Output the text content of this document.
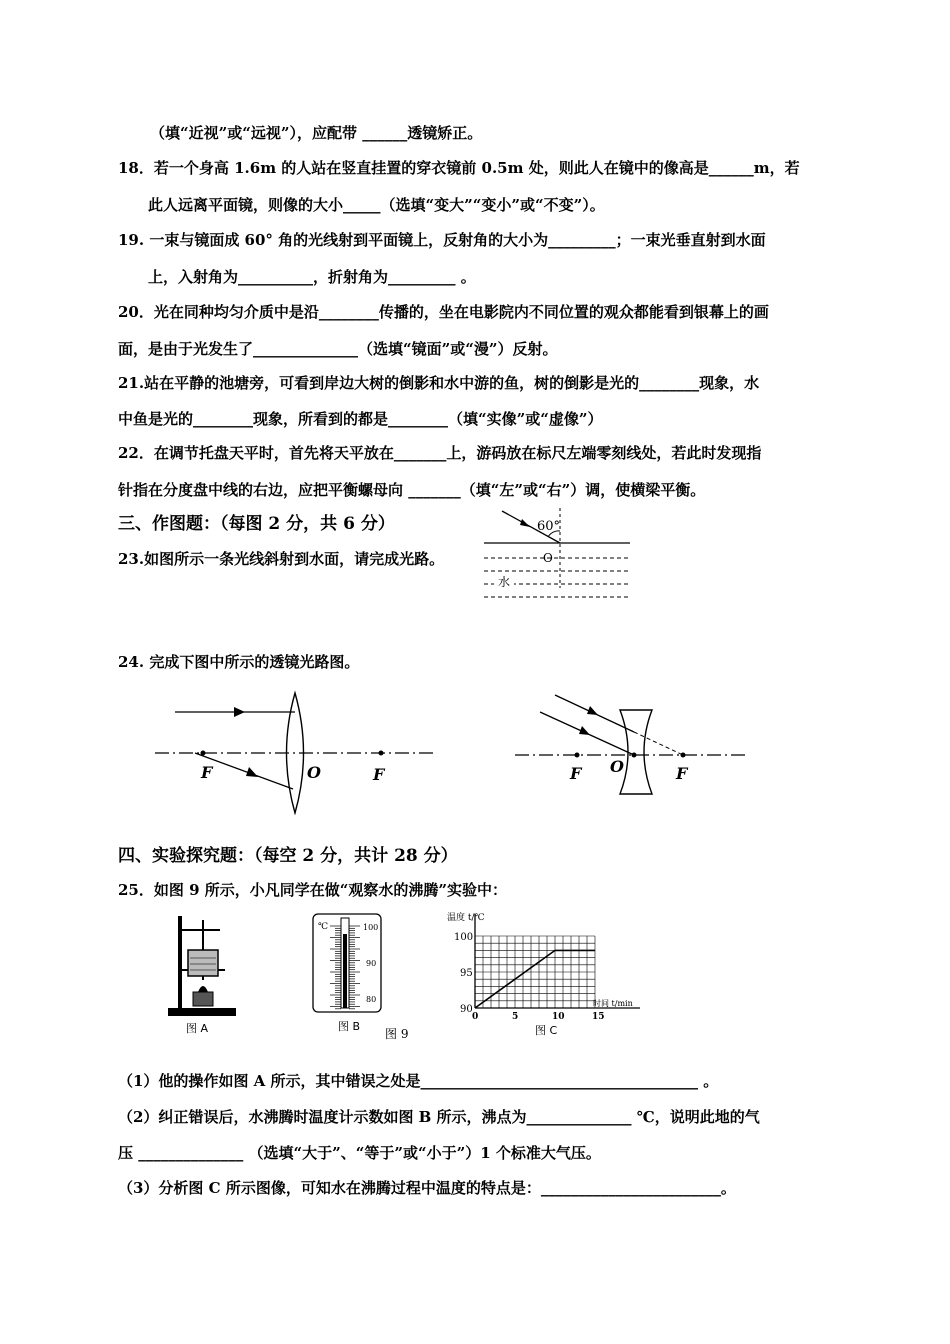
（填“近视”或“远视”），应配带 ______透镜矫正。
18．若一个身高 1.6m 的人站在竖直挂置的穿衣镜前 0.5m 处，则此人在镜中的像高是______m，若
此人远离平面镜，则像的大小_____（选填“变大”“变小”或“不变”）。
19. 一束与镜面成 60° 角的光线射到平面镜上，反射角的大小为_________；一束光垂直射到水面
上，入射角为__________，折射角为_________ 。
20．光在同种均匀介质中是沿________传播的，坐在电影院内不同位置的观众都能看到银幕上的画
面，是由于光发生了______________（选填“镜面”或“漫”）反射。
21.站在平静的池塘旁，可看到岸边大树的倒影和水中游的鱼，树的倒影是光的________现象，水
中鱼是光的________现象，所看到的都是________（填“实像”或“虚像”）
22．在调节托盘天平时，首先将天平放在_______上，游码放在标尺左端零刻线处，若此时发现指
针指在分度盘中线的右边，应把平衡螺母向 _______（填“左”或“右”）调，使横梁平衡。
三、作图题：（每图 2 分，共 6 分）
23.如图所示一条光线斜射到水面，请完成光路。
24. 完成下图中所示的透镜光路图。
四、实验探究题：（每空 2 分，共计 28 分）
25．如图 9 所示，小凡同学在做“观察水的沸腾”实验中：
（1）他的操作如图 A 所示，其中错误之处是_____________________________________ 。
（2）纠正错误后，水沸腾时温度计示数如图 B 所示，沸点为______________ ℃，说明此地的气
压 ______________ （选填“大于”、“等于”或“小于”）1 个标准大气压。
（3）分析图 C 所示图像，可知水在沸腾过程中温度的特点是：________________________。
60°
O
水
F	O	F	F O	F
图 A
℃	100
90
80
图 B
图 9
温度 t/℃
时间 t/min
0	5	10	15
90
95
100
图 C
